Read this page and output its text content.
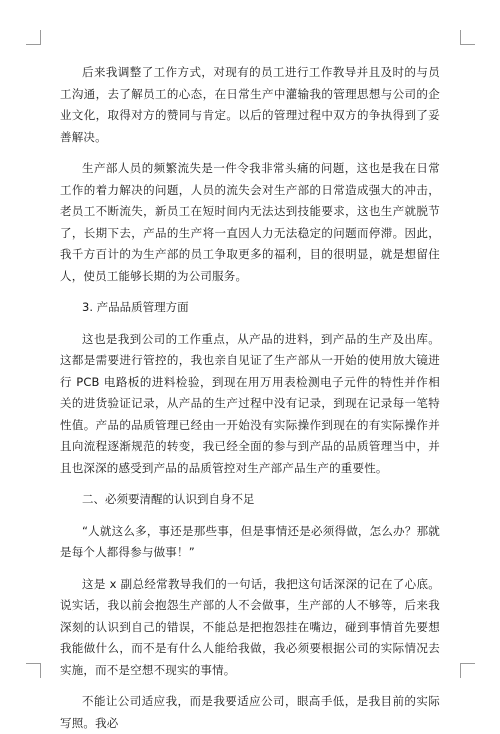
后来我调整了工作方式，对现有的员工进行工作教导并且及时的与员工沟通，去了解员工的心态，在日常生产中灌输我的管理思想与公司的企业文化，取得对方的赞同与肯定。以后的管理过程中双方的争执得到了妥善解决。

生产部人员的频繁流失是一件令我非常头痛的问题，这也是我在日常工作的着力解决的问题，人员的流失会对生产部的日常造成强大的冲击，老员工不断流失，新员工在短时间内无法达到技能要求，这也生产就脱节了，长期下去，产品的生产将一直因人力无法稳定的问题而停滞。因此，我千方百计的为生产部的员工争取更多的福利，目的很明显，就是想留住人，使员工能够长期的为公司服务。

3. 产品品质管理方面

这也是我到公司的工作重点，从产品的进料，到产品的生产及出库。这都是需要进行管控的，我也亲自见证了生产部从一开始的使用放大镜进行 PCB 电路板的进料检验，到现在用万用表检测电子元件的特性并作相关的进货验证记录，从产品的生产过程中没有记录，到现在记录每一笔特性值。产品的品质管理已经由一开始没有实际操作到现在的有实际操作并且向流程逐渐规范的转变，我已经全面的参与到产品的品质管理当中，并且也深深的感受到产品的品质管控对生产部产品生产的重要性。

二、必须要清醒的认识到自身不足

“人就这么多，事还是那些事，但是事情还是必须得做，怎么办？那就是每个人都得参与做事！”

这是 x 副总经常教导我们的一句话，我把这句话深深的记在了心底。说实话，我以前会抱怨生产部的人不会做事，生产部的人不够等，后来我深刻的认识到自己的错误，不能总是把抱怨挂在嘴边，碰到事情首先要想我能做什么，而不是有什么人能给我做，我必须要根据公司的实际情况去实施，而不是空想不现实的事情。

不能让公司适应我，而是我要适应公司，眼高手低，是我目前的实际写照。我必
